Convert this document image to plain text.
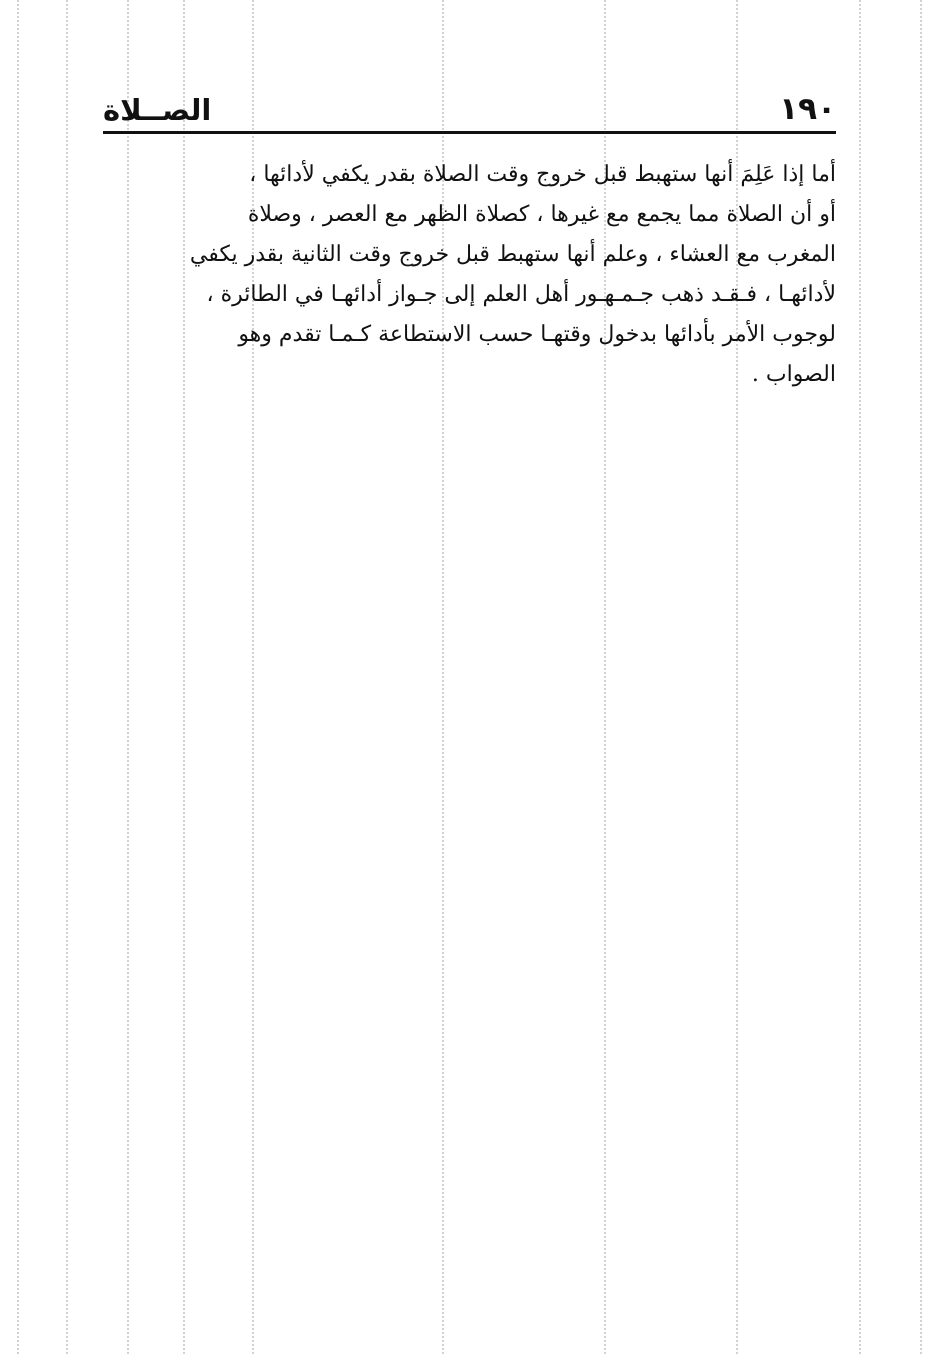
١٩٠
الصــلاة
أما إذا عَلِمَ أنها ستهبط قبل خروج وقت الصلاة بقدر يكفي لأدائها ،
أو أن الصلاة مما يجمع مع غيرها ، كصلاة الظهر مع العصر ، وصلاة
المغرب مع العشاء ، وعلم أنها ستهبط قبل خروج وقت الثانية بقدر يكفي
لأدائهـا ، فـقـد ذهب جـمـهـور أهل العلم إلى جـواز أدائهـا في الطائرة ،
لوجوب الأمر بأدائها بدخول وقتهـا حسب الاستطاعة كـمـا تقدم وهو
الصواب .
